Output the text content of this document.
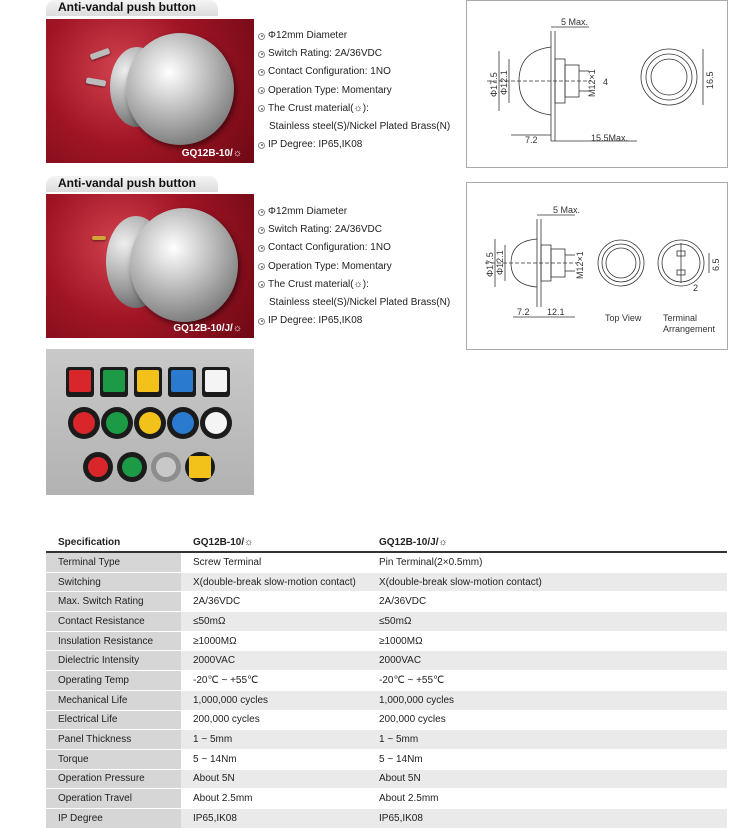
Anti-vandal push button
GQ12B-10/☼
Φ12mm Diameter
Switch Rating: 2A/36VDC
Contact Configuration: 1NO
Operation Type: Momentary
The Crust material(☼):
Stainless steel(S)/Nickel Plated Brass(N)
IP Degree: IP65,IK08
5 Max.
Φ17.5 Φ12.1	M12×1 4	16.5
7.2	15.5Max.
Anti-vandal push button
GQ12B-10/J/☼
Φ12mm Diameter
Switch Rating: 2A/36VDC
Contact Configuration: 1NO
Operation Type: Momentary
The Crust material(☼):
Stainless steel(S)/Nickel Plated Brass(N)
IP Degree: IP65,IK08
5 Max.
Φ17.5 Φ12.1	M12×1	6.5
2
7.2 12.1
Top View Terminal
Arrangement
Specification	GQ12B-10/☼	GQ12B-10/J/☼	
Terminal Type	Screw Terminal	Pin Terminal(2×0.5mm)	
Switching	X(double-break slow-motion contact)	X(double-break slow-motion contact)	
Max. Switch Rating	2A/36VDC	2A/36VDC	
Contact Resistance	≤50mΩ	≤50mΩ	
Insulation Resistance	≥1000MΩ	≥1000MΩ	
Dielectric Intensity	2000VAC	2000VAC	
Operating Temp	-20℃ ~ +55℃	-20℃ ~ +55℃	
Mechanical Life	1,000,000 cycles	1,000,000 cycles	
Electrical Life	200,000 cycles	200,000 cycles	
Panel Thickness	1 ~ 5mm	1 ~ 5mm	
Torque	5 ~ 14Nm	5 ~ 14Nm	
Operation Pressure	About 5N	About 5N	
Operation Travel	About 2.5mm	About 2.5mm	
IP Degree	IP65,IK08	IP65,IK08	
